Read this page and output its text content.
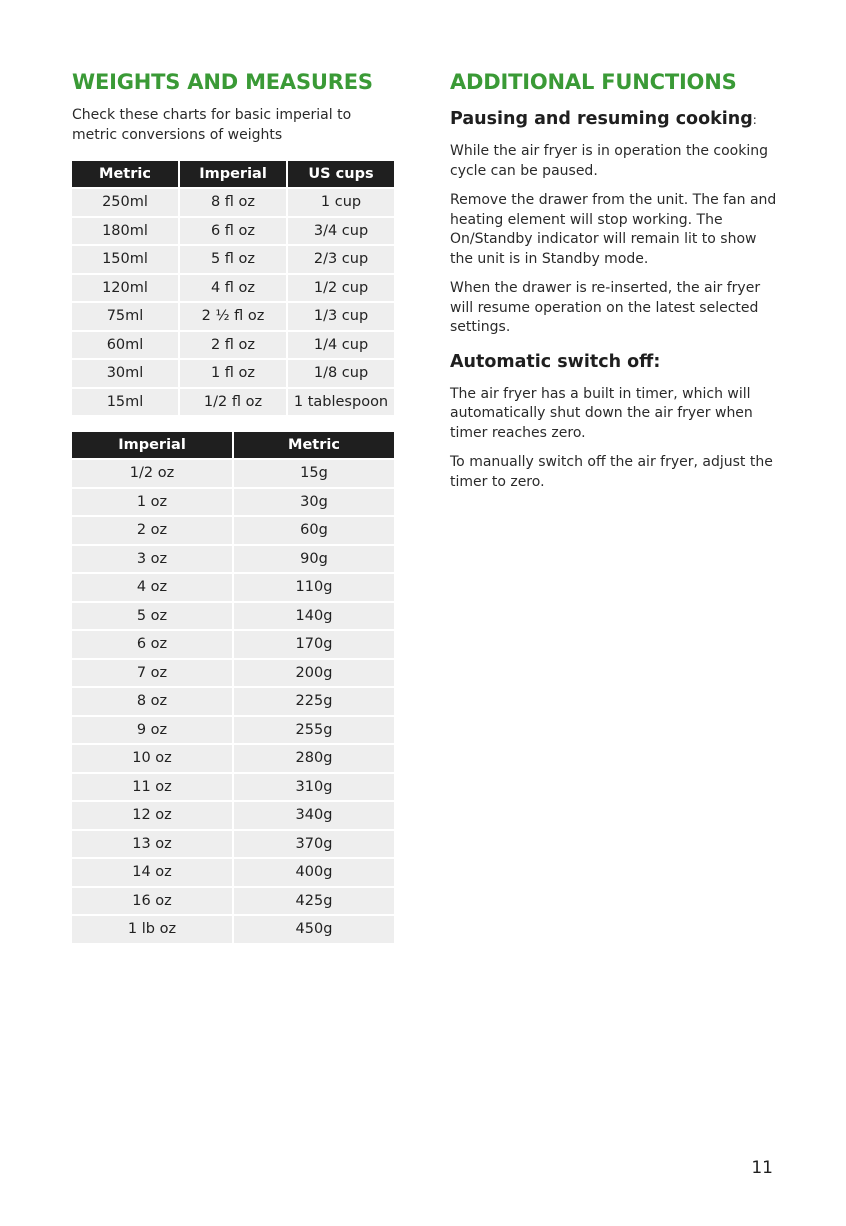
WEIGHTS AND MEASURES

Check these charts for basic imperial to metric conversions of weights

Metric	Imperial	US cups
250ml	8 fl oz	1 cup
180ml	6 fl oz	3/4 cup
150ml	5 fl oz	2/3 cup
120ml	4 fl oz	1/2 cup
75ml	2 ½ fl oz	1/3 cup
60ml	2 fl oz	1/4 cup
30ml	1 fl oz	1/8 cup
15ml	1/2 fl oz	1 tablespoon
Imperial	Metric
1/2 oz	15g
1 oz	30g
2 oz	60g
3 oz	90g
4 oz	110g
5 oz	140g
6 oz	170g
7 oz	200g
8 oz	225g
9 oz	255g
10 oz	280g
11 oz	310g
12 oz	340g
13 oz	370g
14 oz	400g
16 oz	425g
1 lb oz	450g
ADDITIONAL FUNCTIONS
Pausing and resuming cooking:

While the air fryer is in operation the cooking cycle can be paused.

Remove the drawer from the unit. The fan and heating element will stop working. The On/Standby indicator will remain lit to show the unit is in Standby mode.

When the drawer is re-inserted, the air fryer will resume operation on the latest selected settings.

Automatic switch off:

The air fryer has a built in timer, which will automatically shut down the air fryer when timer reaches zero.

To manually switch off the air fryer, adjust the timer to zero.

11
